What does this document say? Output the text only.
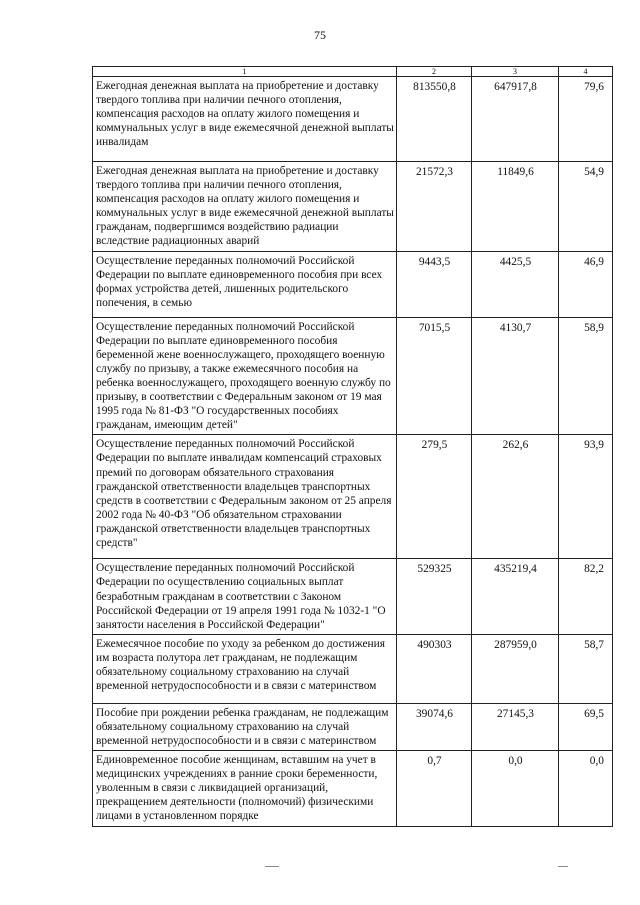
75
1	2	3	4
Ежегодная денежная выплата на приобретение и доставку твердого топлива при наличии печного отопления, компенсация расходов на оплату жилого помещения и коммунальных услуг в виде ежемесячной денежной выплаты инвалидам	813550,8	647917,8	79,6
Ежегодная денежная выплата на приобретение и доставку твердого топлива при наличии печного отопления, компенсация расходов на оплату жилого помещения и коммунальных услуг в виде ежемесячной денежной выплаты гражданам, подвергшимся воздействию радиации вследствие радиационных аварий	21572,3	11849,6	54,9
Осуществление переданных полномочий Российской Федерации по выплате единовременного пособия при всех формах устройства детей, лишенных родительского попечения, в семью	9443,5	4425,5	46,9
Осуществление переданных полномочий Российской Федерации по выплате единовременного пособия беременной жене военнослужащего, проходящего военную службу по призыву, а также ежемесячного пособия на ребенка военнослужащего, проходящего военную службу по призыву, в соответствии с Федеральным законом от 19 мая 1995 года № 81-ФЗ "О государственных пособиях гражданам, имеющим детей"	7015,5	4130,7	58,9
Осуществление переданных полномочий Российской Федерации по выплате инвалидам компенсаций страховых премий по договорам обязательного страхования гражданской ответственности владельцев транспортных средств в соответствии с Федеральным законом от 25 апреля 2002 года № 40-ФЗ "Об обязательном страховании гражданской ответственности владельцев транспортных средств"	279,5	262,6	93,9
Осуществление переданных полномочий Российской Федерации по осуществлению социальных выплат безработным гражданам в соответствии с Законом Российской Федерации от 19 апреля 1991 года № 1032-1 "О занятости населения в Российской Федерации"	529325	435219,4	82,2
Ежемесячное пособие по уходу за ребенком до достижения им возраста полутора лет гражданам, не подлежащим обязательному социальному страхованию на случай временной нетрудоспособности и в связи с материнством	490303	287959,0	58,7
Пособие при рождении ребенка гражданам, не подлежащим обязательному социальному страхованию на случай временной нетрудоспособности и в связи с материнством	39074,6	27145,3	69,5
Единовременное пособие женщинам, вставшим на учет в медицинских учреждениях в ранние сроки беременности, уволенным в связи с ликвидацией организаций, прекращением деятельности (полномочий) физическими лицами в установленном порядке	0,7	0,0	0,0
